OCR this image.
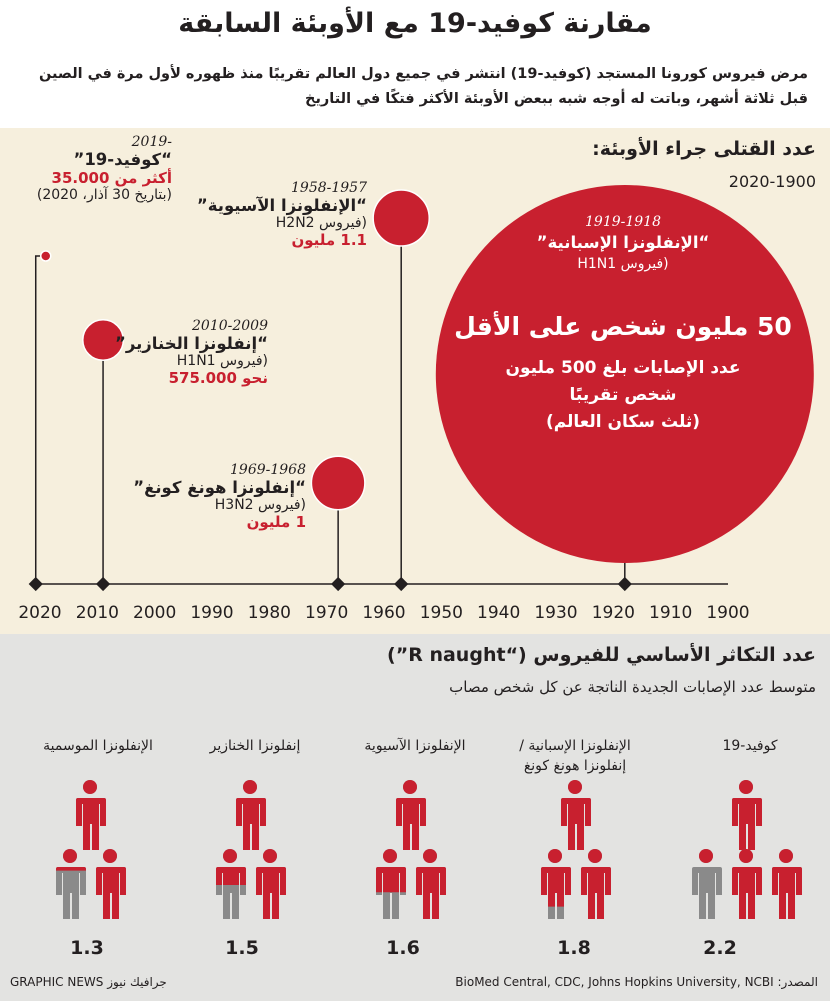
مقارنة كوفيد-19 مع الأوبئة السابقة
مرض فيروس كورونا المستجد (كوفيد-19) انتشر في جميع دول العالم تقريبًا منذ ظهوره لأول مرة في الصين
قبل ثلاثة أشهر، وباتت له أوجه شبه ببعض الأوبئة الأكثر فتكًا في التاريخ
2020 2010 2000 1990 1980 1970 1960 1950 1940 1930 1920 1910 1900
عدد القتلى جراء الأوبئة:
2020-1900
-2019
“كوفيد-19”
أكثر من 35.000
(بتاريخ 30 آذار، 2020)	1958-1957
“الإنفلونزا الآسيوية”
(فيروس H2N2
1.1 مليون
2010-2009
“إنفلونزا الخنازير”
(فيروس H1N1
نحو 575.000
1969-1968
“إنفلونزا هونغ كونغ”
(فيروس H3N2
1 مليون
1919-1918
“الإنفلونزا الإسبانية”
(فيروس H1N1
50 مليون شخص على الأقل
عدد الإصابات بلغ 500 مليون
شخص تقريبًا
(ثلث سكان العالم)
عدد التكاثر الأساسي للفيروس (“R naught”)
متوسط عدد الإصابات الجديدة الناتجة عن كل شخص مصاب
كوفيد-19
الإنفلونزا الإسبانية /
إنفلونزا هونغ كونغ
الإنفلونزا الآسيوية
إنفلونزا الخنازير
الإنفلونزا الموسمية
2.2
1.8
1.6
1.5
1.3
المصدر: BioMed Central, CDC, Johns Hopkins University, NCBI
GRAPHIC NEWS جرافيك نيوز
